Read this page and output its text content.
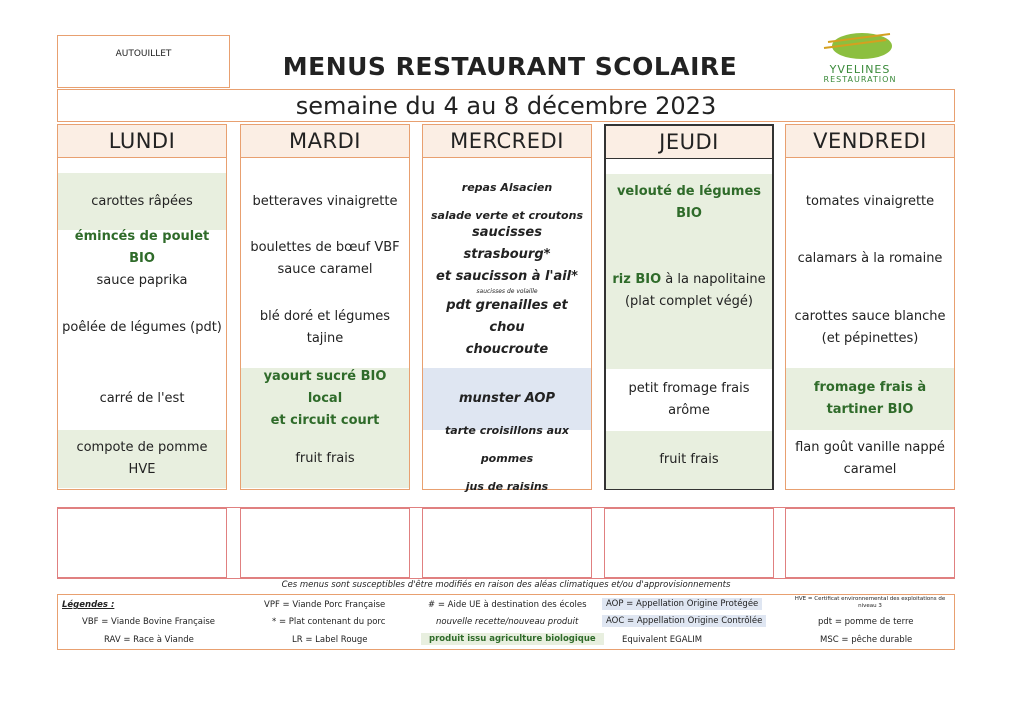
AUTOUILLET	MENUS RESTAURANT SCOLAIRE	YVELINES
RESTAURATION
semaine du 4 au 8 décembre 2023
LUNDI
carottes râpées
émincés de poulet BIO
sauce paprika
poêlée de légumes (pdt)
carré de l'est
compote de pomme HVE
MARDI
betteraves vinaigrette
boulettes de bœuf VBF
sauce caramel
blé doré et légumes
tajine
yaourt sucré BIO local
et circuit court
fruit frais
MERCREDI
repas Alsacien
salade verte et croutons
saucisses strasbourg*
et saucisson à l'ail*
saucisses de volaille
pdt grenailles et chou
choucroute
munster AOP
tarte croisillons aux pommes
jus de raisins
JEUDI
velouté de légumes BIO
riz BIO à la napolitaine
(plat complet végé)
petit fromage frais
arôme
fruit frais
VENDREDI
tomates vinaigrette
calamars à la romaine
carottes sauce blanche
(et pépinettes)
fromage frais à
tartiner BIO
flan goût vanille nappé
caramel
Ces menus sont susceptibles d'être modifiés en raison des aléas climatiques et/ou d'approvisionnements
Légendes :
VBF = Viande Bovine Française
RAV = Race à Viande
VPF = Viande Porc Française
* = Plat contenant du porc
LR = Label Rouge
# = Aide UE à destination des écoles
nouvelle recette/nouveau produit
produit issu agriculture biologique
AOP = Appellation Origine Protégée
AOC = Appellation Origine Contrôlée
Equivalent EGALIM
HVE = Certificat environnemental des exploitations de niveau 3
pdt = pomme de terre
MSC = pêche durable
